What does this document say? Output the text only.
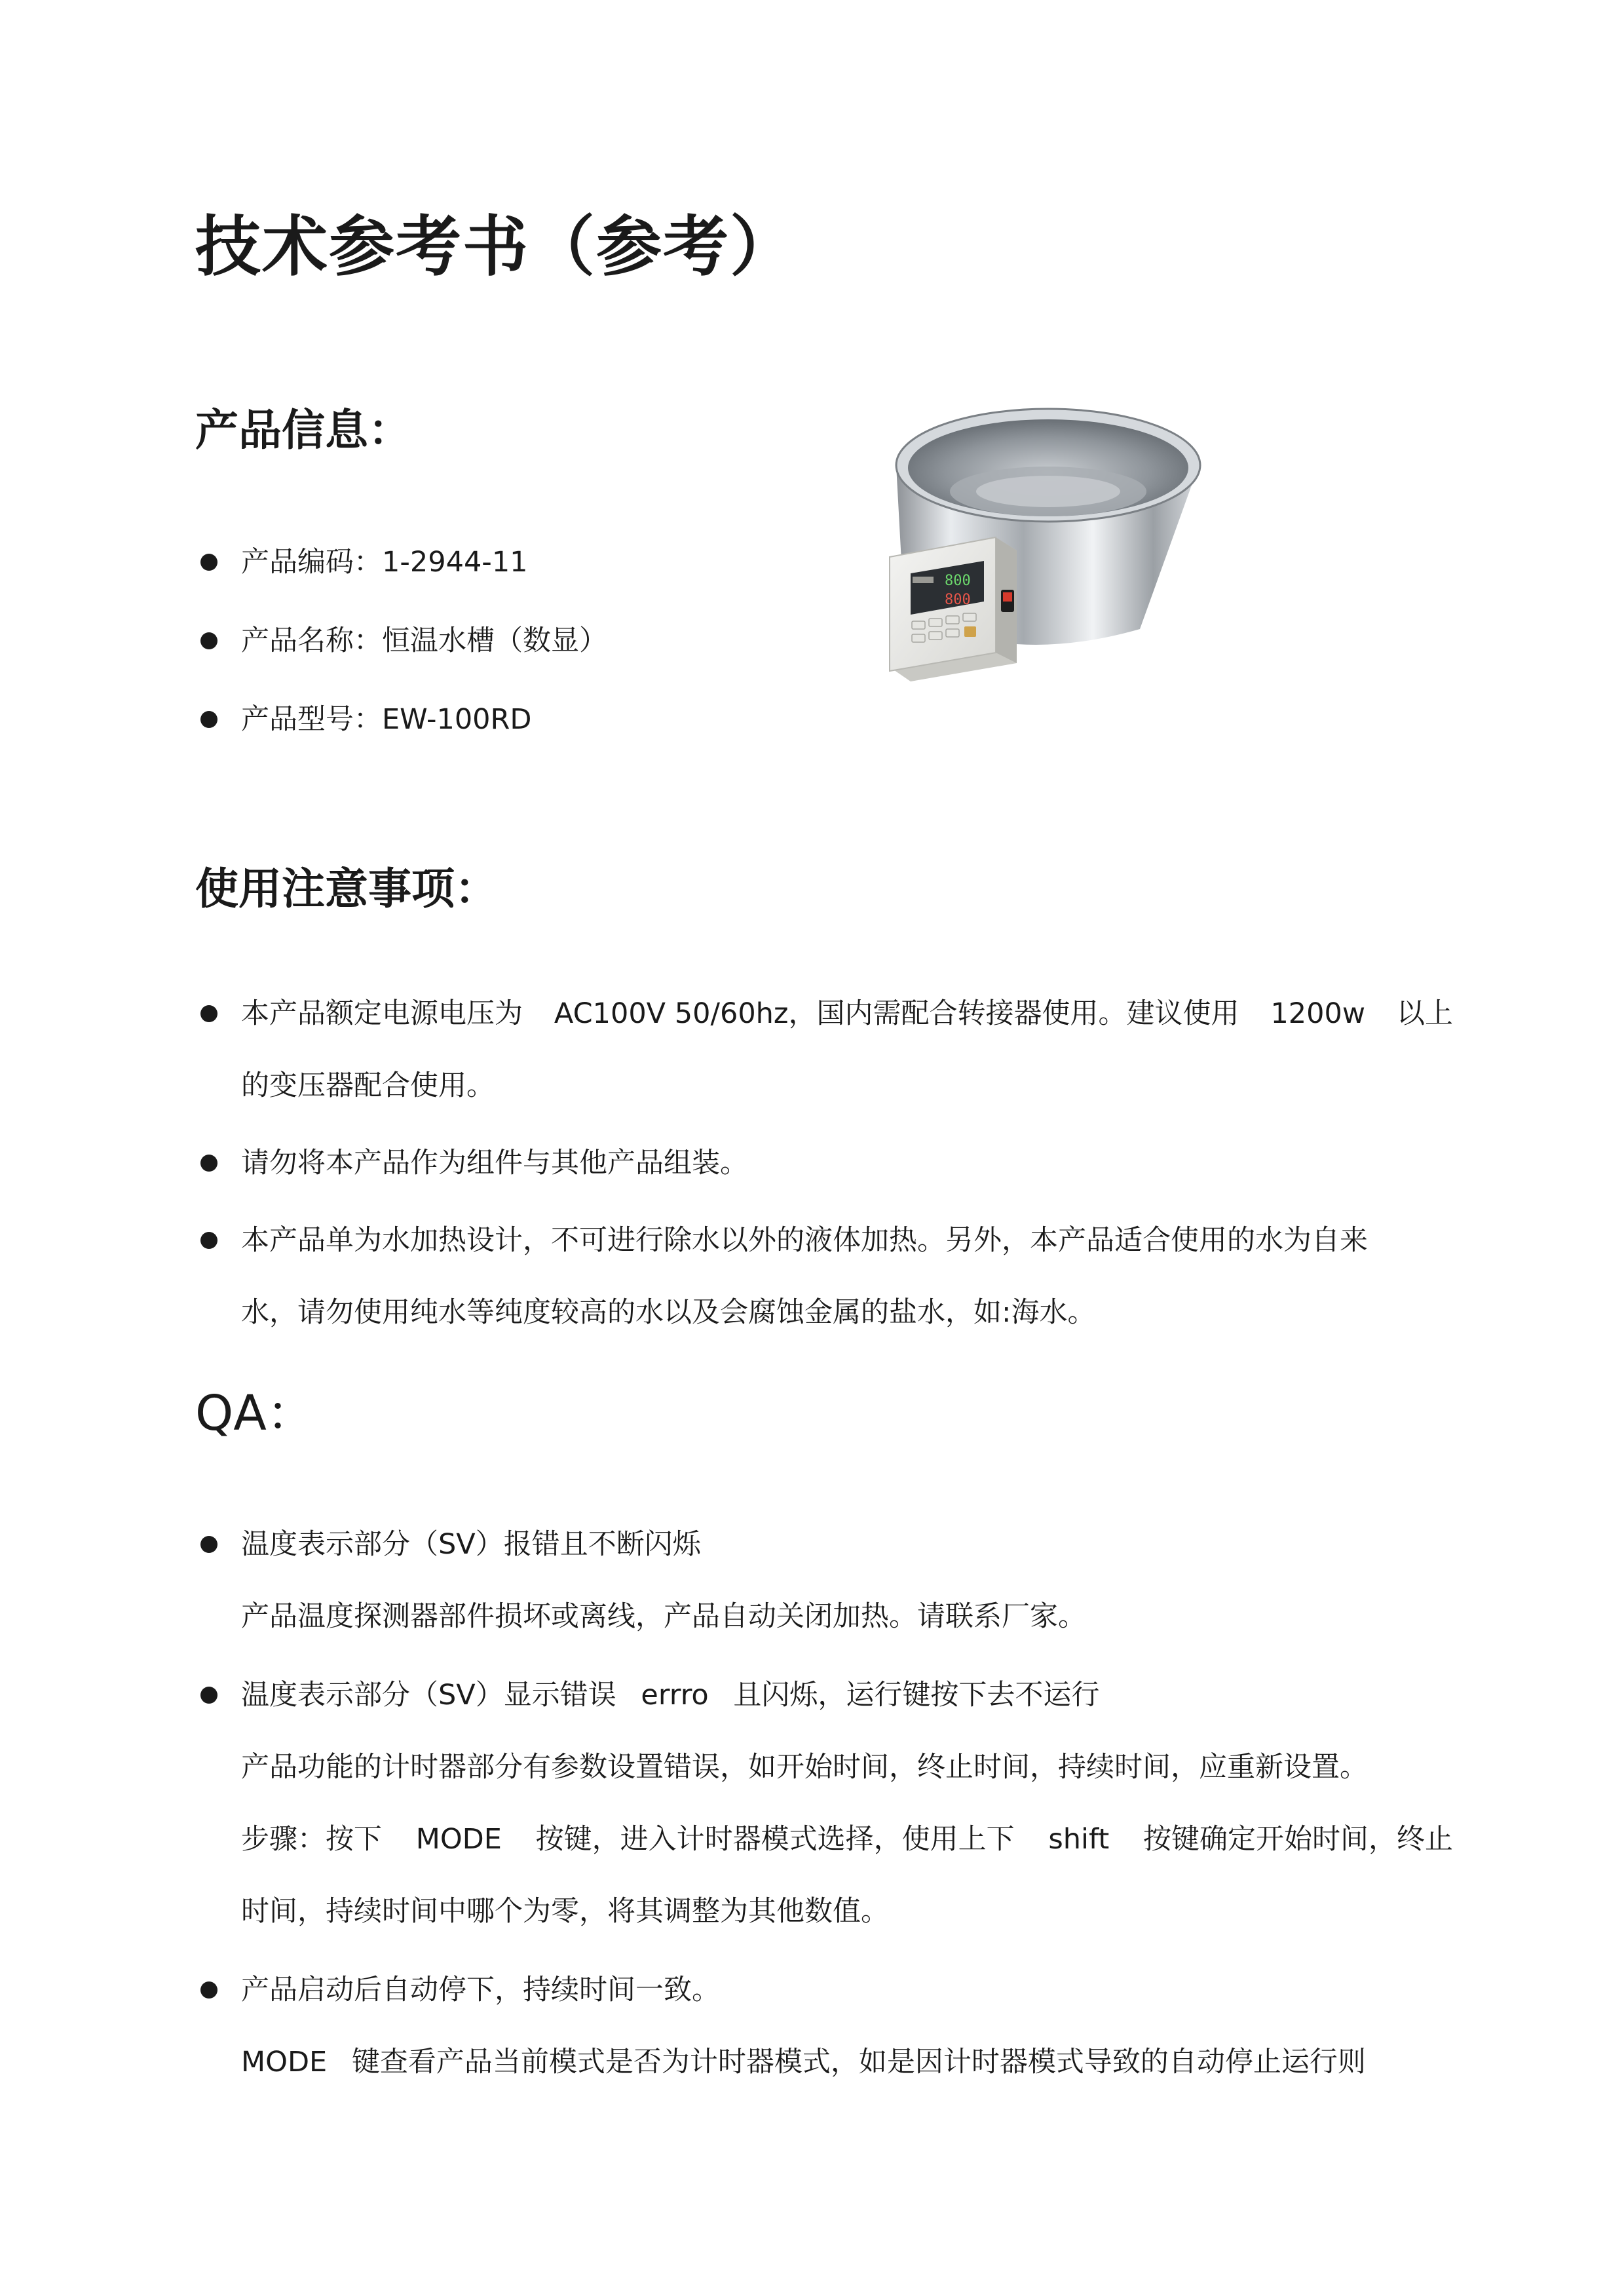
技术参考书（参考）
产品信息：
产品编码：1-2944-11
产品名称：恒温水槽（数显）
产品型号：EW-100RD
800
800
使用注意事项：
本产品额定电源电压为 AC100V 50/60hz，国内需配合转接器使用。建议使用 1200w 以上
的变压器配合使用。
请勿将本产品作为组件与其他产品组装。
本产品单为水加热设计，不可进行除水以外的液体加热。另外，本产品适合使用的水为自来
水，请勿使用纯水等纯度较高的水以及会腐蚀金属的盐水，如:海水。
QA：
温度表示部分（SV）报错且不断闪烁
产品温度探测器部件损坏或离线，产品自动关闭加热。请联系厂家。
温度表示部分（SV）显示错误 errro 且闪烁，运行键按下去不运行
产品功能的计时器部分有参数设置错误，如开始时间，终止时间，持续时间，应重新设置。
步骤：按下 MODE 按键，进入计时器模式选择，使用上下 shift 按键确定开始时间，终止
时间，持续时间中哪个为零，将其调整为其他数值。
产品启动后自动停下，持续时间一致。
MODE 键查看产品当前模式是否为计时器模式，如是因计时器模式导致的自动停止运行则
